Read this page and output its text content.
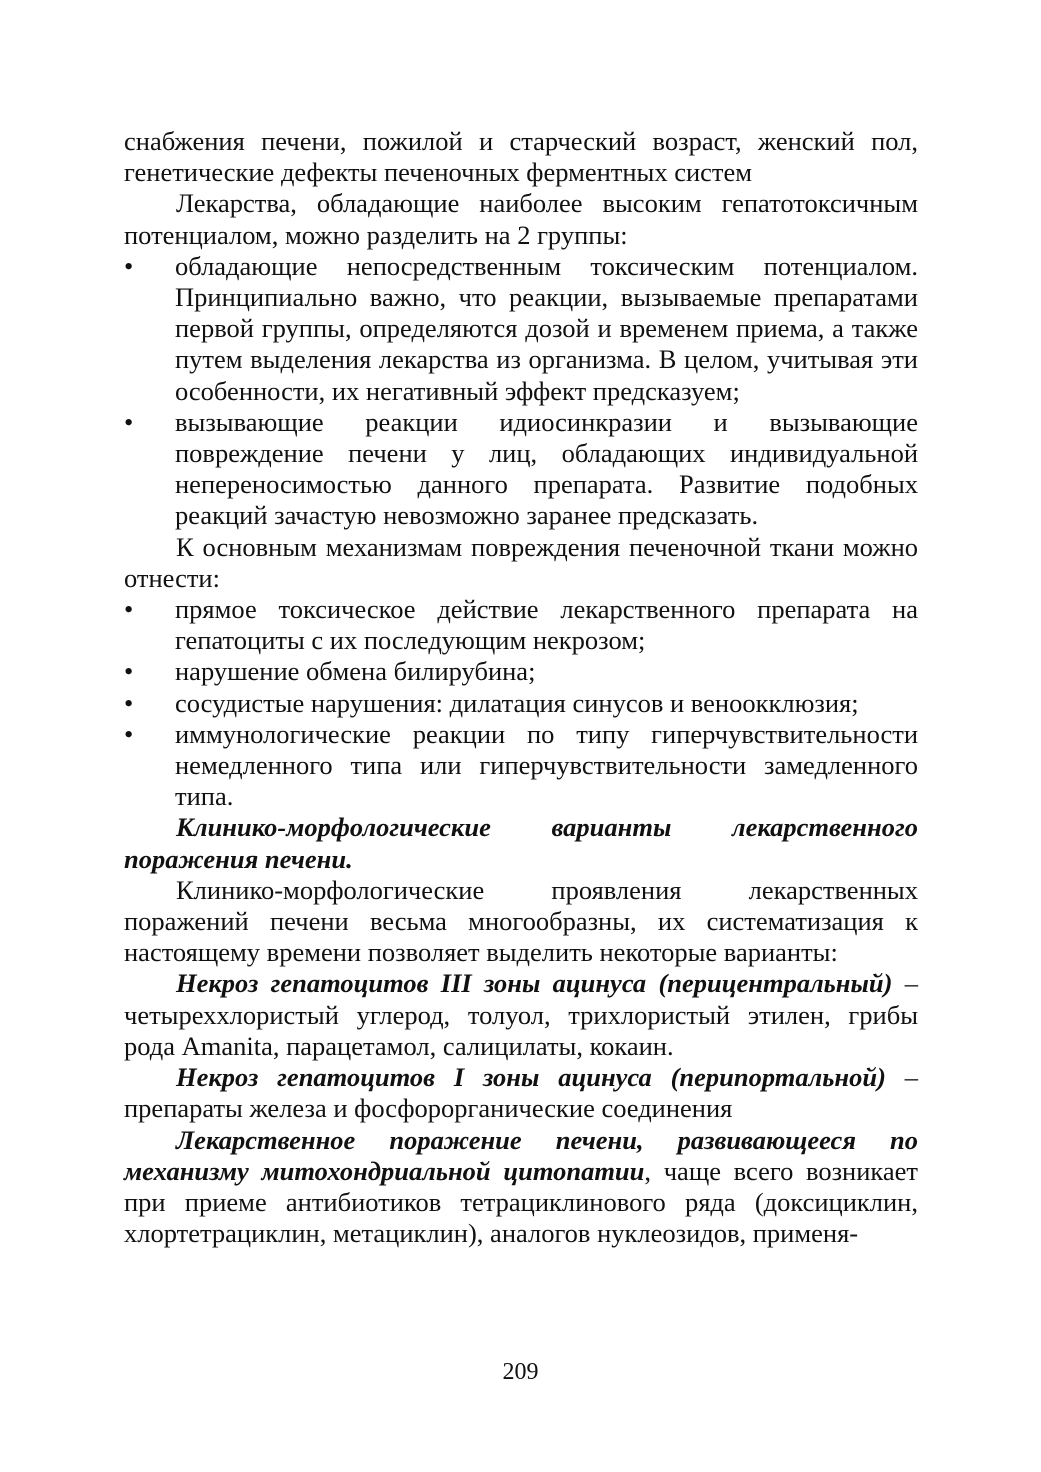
снабжения печени, пожилой и старческий возраст, женский пол, генетические дефекты печеночных ферментных систем

Лекарства, обладающие наиболее высоким гепатотоксичным потенциалом, можно разделить на 2 группы:

• обладающие непосредственным токсическим потенциалом. Принципиально важно, что реакции, вызываемые препаратами первой группы, определяются дозой и временем приема, а также путем выделения лекарства из организма. В целом, учитывая эти особенности, их негативный эффект предсказуем;

• вызывающие реакции идиосинкразии и вызывающие повреждение печени у лиц, обладающих индивидуальной непереносимостью данного препарата. Развитие подобных реакций зачастую невозможно заранее предсказать.

К основным механизмам повреждения печеночной ткани можно отнести:

• прямое токсическое действие лекарственного препарата на гепатоциты с их последующим некрозом;

• нарушение обмена билирубина;

• сосудистые нарушения: дилатация синусов и веноокклюзия;

• иммунологические реакции по типу гиперчувствительности немедленного типа или гиперчувствительности замедленного типа.

Клинико-морфологические варианты лекарственного поражения печени.

Клинико-морфологические проявления лекарственных поражений печени весьма многообразны, их систематизация к настоящему времени позволяет выделить некоторые варианты:

Некроз гепатоцитов III зоны ацинуса (перицентральный) – четыреххлористый углерод, толуол, трихлористый этилен, грибы рода Amanita, парацетамол, салицилаты, кокаин.

Некроз гепатоцитов I зоны ацинуса (перипортальной) – препараты железа и фосфорорганические соединения

Лекарственное поражение печени, развивающееся по механизму митохондриальной цитопатии, чаще всего возникает при приеме антибиотиков тетрациклинового ряда (доксициклин, хлортетрациклин, метациклин), аналогов нуклеозидов, применя-

209
